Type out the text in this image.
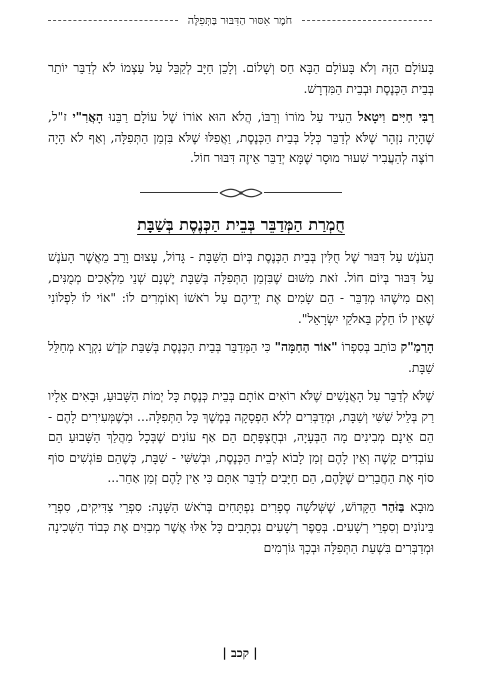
חֹמֶר אִסּוּר הַדִּבּוּר בַּתְּפִלָּה

בָּעוֹלָם הַזֶּה וְלֹא בָּעוֹלָם הַבָּא חַס וְשָׁלוֹם. וְלָכֵן חַיָּב לְקַבֵּל עַל עַצְמוֹ לֹא לְדַבֵּר יוֹתֵר בְּבֵית הַכְּנֶסֶת וּבְבֵית הַמִּדְרָשׁ.

רַבִּי חַיִּים וִיטָאל הֵעִיד עַל מוֹרוֹ וְרַבּוֹ, הֲלֹא הוּא אוֹרוֹ שֶׁל עוֹלָם רַבֵּנוּ הָאֲרִ"י ז"ל, שֶׁהָיָה נִזְהָר שֶׁלֹּא לְדַבֵּר כְּלָל בְּבֵית הַכְּנֶסֶת, וַאֲפִלּוּ שֶׁלֹּא בִּזְמַן הַתְּפִלָּה, וְאַף לֹא הָיָה רוֹצֶה לְהַעֲבִיר שִׁעוּר מוּסָר שֶׁמָּא יְדַבֵּר אֵיזֶה דִּבּוּר חוֹל.

חֻמְרַת הַמְּדַבֵּר בְּבֵית הַכְּנֶסֶת בְּשַׁבָּת

הָעֹנֶשׁ עַל דִּבּוּר שֶׁל חֻלִּין בְּבֵית הַכְּנֶסֶת בְּיוֹם הַשַּׁבָּת - גָּדוֹל, עָצוּם וָרַב מֵאֲשֶׁר הָעֹנֶשׁ עַל דִּבּוּר בְּיוֹם חוֹל. זֹאת מִשּׁוּם שֶׁבִּזְמַן הַתְּפִלָּה בְּשַׁבָּת יֶשְׁנָם שְׁנֵי מַלְאָכִים מְמֻנִּים, וְאִם מִישֶׁהוּ מְדַבֵּר - הֵם שָׂמִים אֶת יְדֵיהֶם עַל רֹאשׁוֹ וְאוֹמְרִים לוֹ: "אוֹי לוֹ לִפְלוֹנִי שֶׁאֵין לוֹ חֵלֶק בֵּאלֹקֵי יִשְׂרָאֵל".

הָרַמַ"ק כּוֹתֵב בְּסִפְרוֹ "אוֹר הַחַמָּה" כִּי הַמְּדַבֵּר בְּבֵית הַכְּנֶסֶת בְּשַׁבַּת קֹדֶשׁ נִקְרָא מְחַלֵּל שַׁבָּת.

שֶׁלֹּא לְדַבֵּר עַל הָאֲנָשִׁים שֶׁלֹּא רוֹאִים אוֹתָם בְּבֵית כְּנֶסֶת כָּל יְמוֹת הַשָּׁבוּעַ, וּבָאִים אֵלָיו רַק בְּלֵיל שִׁשִּׁי וְשַׁבָּת, וּמְדַבְּרִים לְלֹא הַפְסָקָה בְּמֶשֶׁךְ כָּל הַתְּפִלָּה... וּכְשֶׁמְּעִירִים לָהֶם - הֵם אֵינָם מְבִינִים מָה הַבְּעָיָה, וּבְחֻצְפָּתָם הֵם אַף עוֹנִים שֶׁבְּכָל מַהֲלַךְ הַשָּׁבוּעַ הֵם עוֹבְדִים קָשֶׁה וְאֵין לָהֶם זְמַן לָבוֹא לְבֵית הַכְּנֶסֶת, וּבְשִׁשִּׁי - שַׁבָּת, כְּשֶׁהֵם פּוֹגְשִׁים סוֹף סוֹף אֶת הַחֲבֵרִים שֶׁלָּהֶם, הֵם חַיָּבִים לְדַבֵּר אִתָּם כִּי אֵין לָהֶם זְמַן אַחֵר...

מוּבָא בַּזֹּהַר הַקָּדוֹשׁ, שֶׁשְּׁלֹשָׁה סְפָרִים נִפְתָּחִים בְּרֹאשׁ הַשָּׁנָה: סִפְרֵי צַדִּיקִים, סִפְרֵי בֵּינוֹנִים וְסִפְרֵי רְשָׁעִים. בְּסֵפֶר רְשָׁעִים נִכְתָּבִים כָּל אֵלּוּ אֲשֶׁר מְבַזִּים אֶת כְּבוֹד הַשְּׁכִינָה וּמְדַבְּרִים בִּשְׁעַת הַתְּפִלָּה וּבְכָךְ גּוֹרְמִים

| קכב |
